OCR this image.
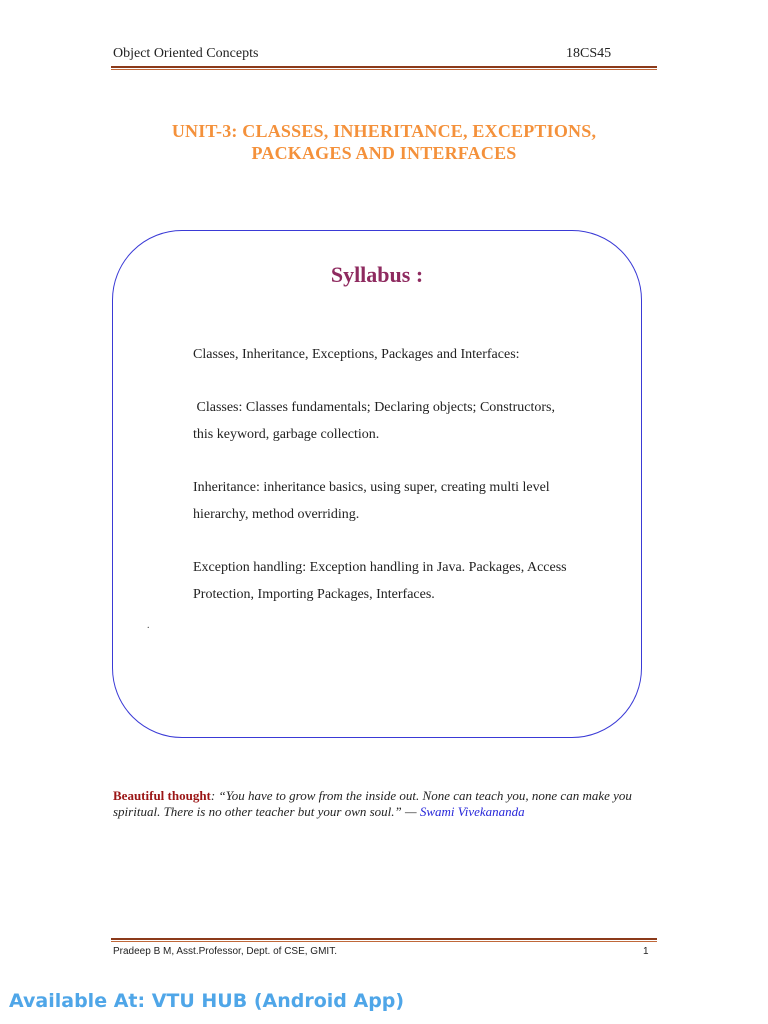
Object Oriented Concepts	18CS45
UNIT-3: CLASSES, INHERITANCE, EXCEPTIONS,
PACKAGES AND INTERFACES
Syllabus :
Classes, Inheritance, Exceptions, Packages and Interfaces:
Classes: Classes fundamentals; Declaring objects; Constructors,
this keyword, garbage collection.
Inheritance: inheritance basics, using super, creating multi level
hierarchy, method overriding.
Exception handling: Exception handling in Java. Packages, Access
Protection, Importing Packages, Interfaces.
.
Beautiful thought: “You have to grow from the inside out. None can teach you, none can make you spiritual. There is no other teacher but your own soul.” — Swami Vivekananda
Pradeep B M, Asst.Professor, Dept. of CSE, GMIT.	1
Available At: VTU HUB (Android App)
